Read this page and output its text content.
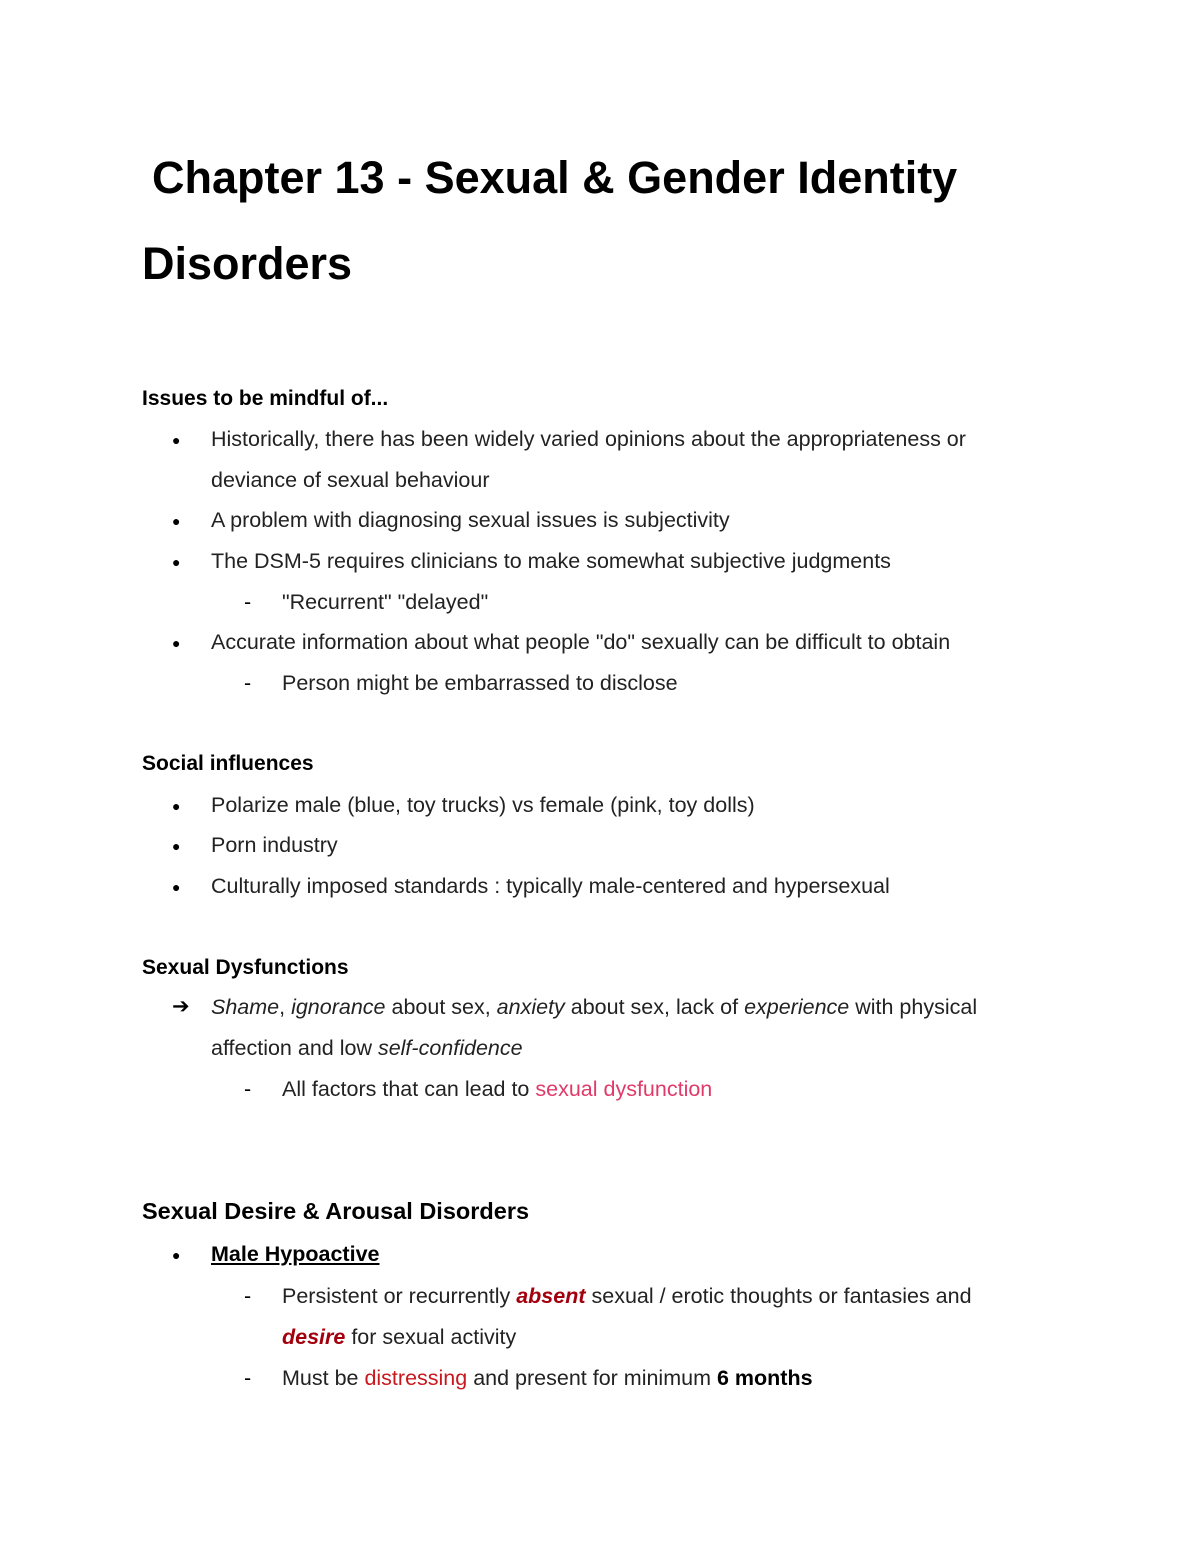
Chapter 13 - Sexual & Gender Identity
Disorders
Issues to be mindful of...
● Historically, there has been widely varied opinions about the appropriateness or
deviance of sexual behaviour
● A problem with diagnosing sexual issues is subjectivity
● The DSM-5 requires clinicians to make somewhat subjective judgments
- "Recurrent" "delayed"
● Accurate information about what people "do" sexually can be difficult to obtain
- Person might be embarrassed to disclose
Social influences
● Polarize male (blue, toy trucks) vs female (pink, toy dolls)
● Porn industry
● Culturally imposed standards : typically male-centered and hypersexual
Sexual Dysfunctions
➔ Shame, ignorance about sex, anxiety about sex, lack of experience with physical
affection and low self-confidence
- All factors that can lead to sexual dysfunction
Sexual Desire & Arousal Disorders
● Male Hypoactive
- Persistent or recurrently absent sexual / erotic thoughts or fantasies and
desire for sexual activity
- Must be distressing and present for minimum 6 months
